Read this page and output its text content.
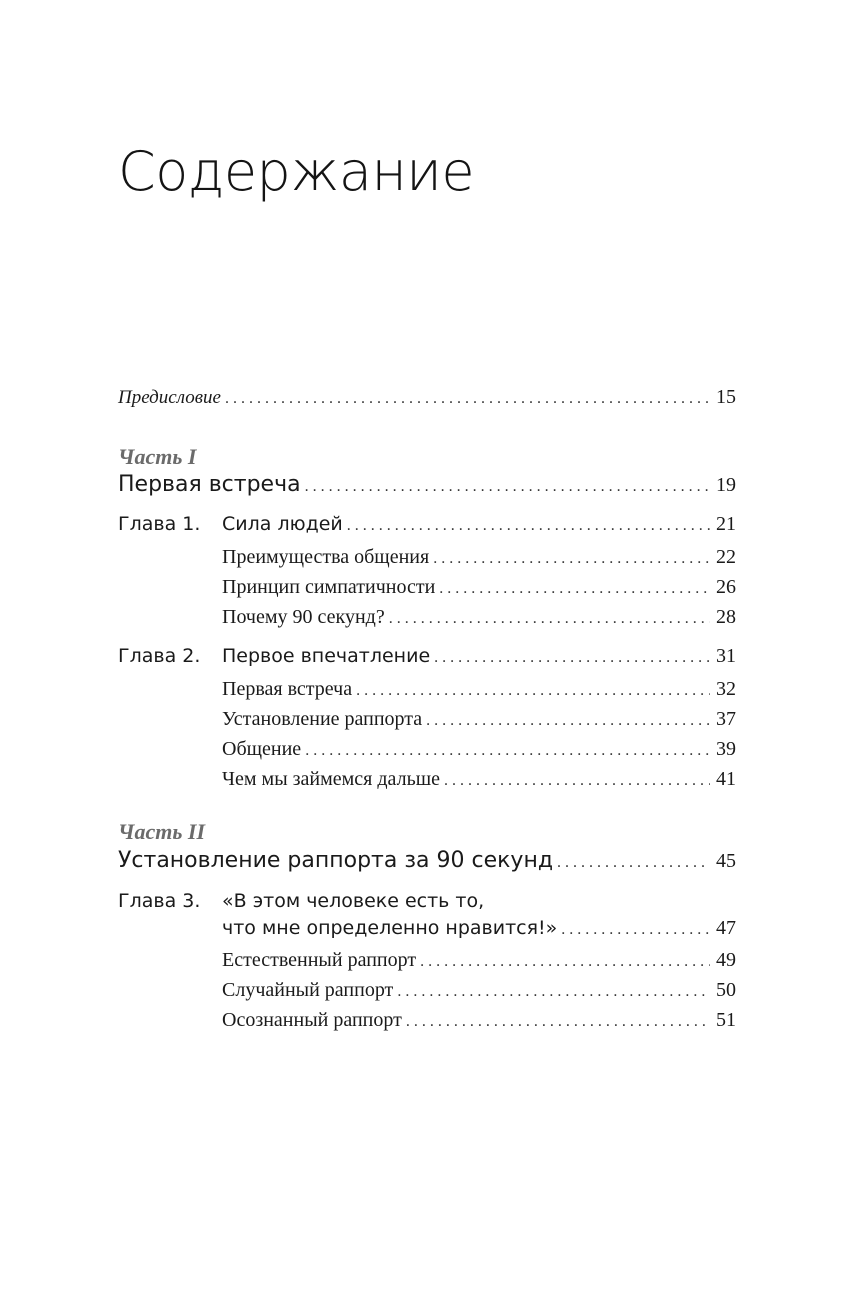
Содержание
Предисловие . . .	15
Часть I
Первая встреча . . .	19
Глава 1. Сила людей . . .	21
Преимущества общения . . .	22
Принцип симпатичности . . .	26
Почему 90 секунд? . . .	28
Глава 2. Первое впечатление . . .	31
Первая встреча . . .	32
Установление раппорта . . .	37
Общение . . .	39
Чем мы займемся дальше . . .	41
Часть II
Установление раппорта за 90 секунд . . .	45
Глава 3. «В этом человеке есть то,
что мне определенно нравится!» . . .	47
Естественный раппорт . . .	49
Случайный раппорт . . .	50
Осознанный раппорт . . .	51
